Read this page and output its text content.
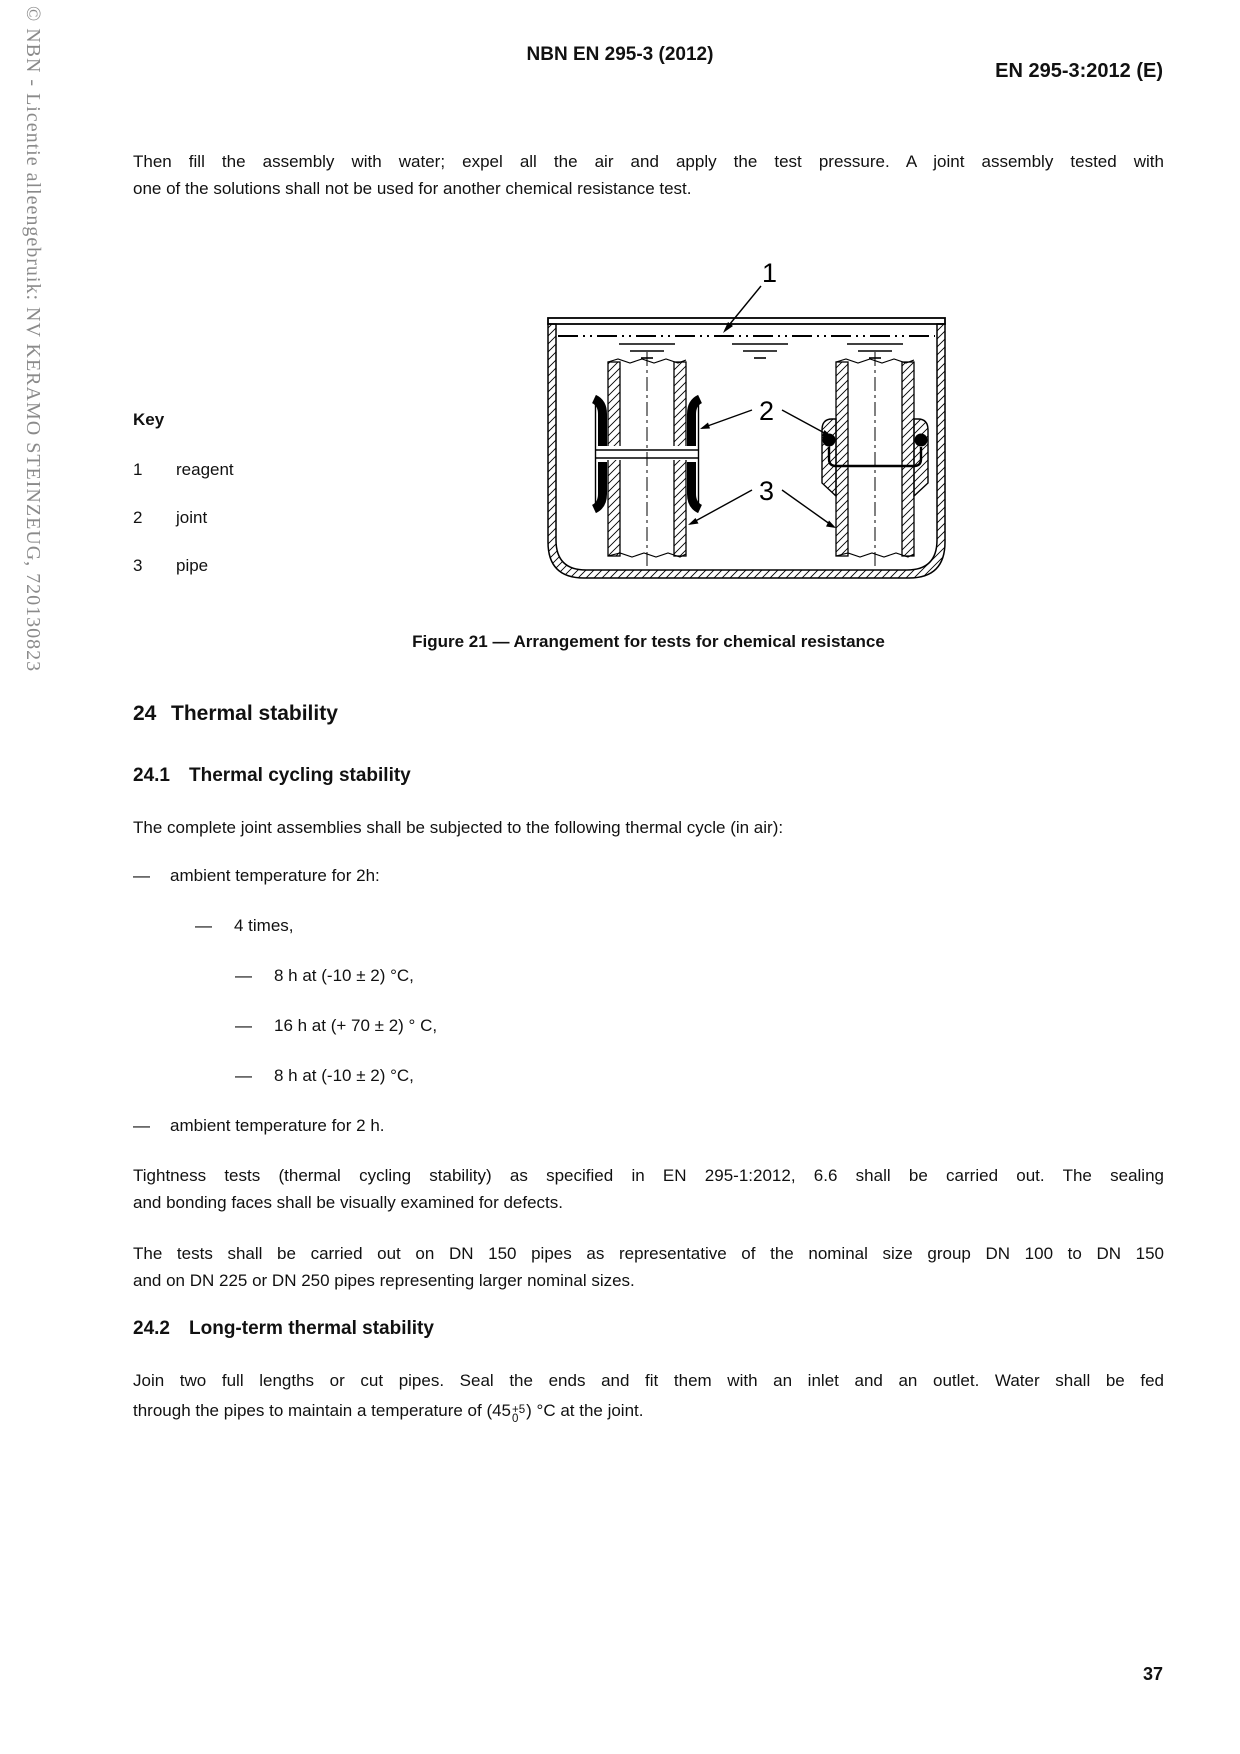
© NBN - Licentie alleengebruik: NV KERAMO STEINZEUG, 720130823	NBN EN 295-3 (2012)
EN 295-3:2012 (E)
Then fill the assembly with water; expel all the air and apply the test pressure. A joint assembly tested with
one of the solutions shall not be used for another chemical resistance test.
1
2
3
Key
1 reagent
2 joint
3 pipe
Figure 21 — Arrangement for tests for chemical resistance
24 Thermal stability
24.1 Thermal cycling stability
The complete joint assemblies shall be subjected to the following thermal cycle (in air):
— ambient temperature for 2h:
— 4 times,
— 8 h at (-10 ± 2) °C,
— 16 h at (+ 70 ± 2) ° C,
— 8 h at (-10 ± 2) °C,
— ambient temperature for 2 h.
Tightness tests (thermal cycling stability) as specified in EN 295-1:2012, 6.6 shall be carried out. The sealing
and bonding faces shall be visually examined for defects.
The tests shall be carried out on DN 150 pipes as representative of the nominal size group DN 100 to DN 150
and on DN 225 or DN 250 pipes representing larger nominal sizes.
24.2 Long-term thermal stability
Join two full lengths or cut pipes. Seal the ends and fit them with an inlet and an outlet. Water shall be fed
through the pipes to maintain a temperature of (45 +5
0 ) °C at the joint.
37
